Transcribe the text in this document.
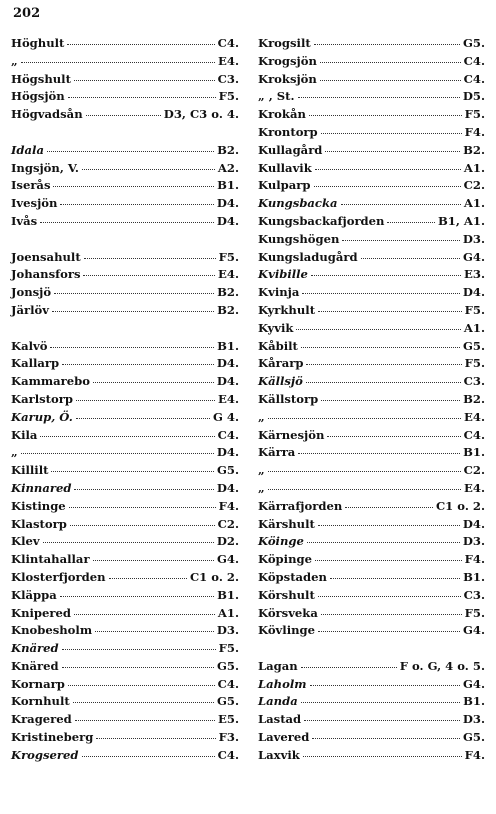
202
Höghult	C4.
„	E4.
Högshult	C3.
Högsjön	F5.
Högvadsån	D3, C3 o. 4.
Idala	B2.
Ingsjön, V.	A2.
Iserås	B1.
Ivesjön	D4.
Ivås	D4.
Joensahult	F5.
Johansfors	E4.
Jonsjö	B2.
Järlöv	B2.
Kalvö	B1.
Kallarp	D4.
Kammarebo	D4.
Karlstorp	E4.
Karup, Ö.	G 4.
Kila	C4.
„	D4.
Killilt	G5.
Kinnared	D4.
Kistinge	F4.
Klastorp	C2.
Klev	D2.
Klintahallar	G4.
Klosterfjorden	C1 o. 2.
Kläppa	B1.
Knipered	A1.
Knobesholm	D3.
Knäred	F5.
Knäred	G5.
Kornarp	C4.
Kornhult	G5.
Kragered	E5.
Kristineberg	F3.
Krogsered	C4.
Krogsilt	G5.
Krogsjön	C4.
Kroksjön	C4.
„ , St.	D5.
Krokån	F5.
Krontorp	F4.
Kullagård	B2.
Kullavik	A1.
Kulparp	C2.
Kungsbacka	A1.
Kungsbackafjorden	B1, A1.
Kungshögen	D3.
Kungsladugård	G4.
Kvibille	E3.
Kvinja	D4.
Kyrkhult	F5.
Kyvik	A1.
Kåbilt	G5.
Kårarp	F5.
Källsjö	C3.
Källstorp	B2.
„	E4.
Kärnesjön	C4.
Kärra	B1.
„	C2.
„	E4.
Kärrafjorden	C1 o. 2.
Kärshult	D4.
Köinge	D3.
Köpinge	F4.
Köpstaden	B1.
Körshult	C3.
Körsveka	F5.
Kövlinge	G4.
Lagan	F o. G, 4 o. 5.
Laholm	G4.
Landa	B1.
Lastad	D3.
Lavered	G5.
Laxvik	F4.
